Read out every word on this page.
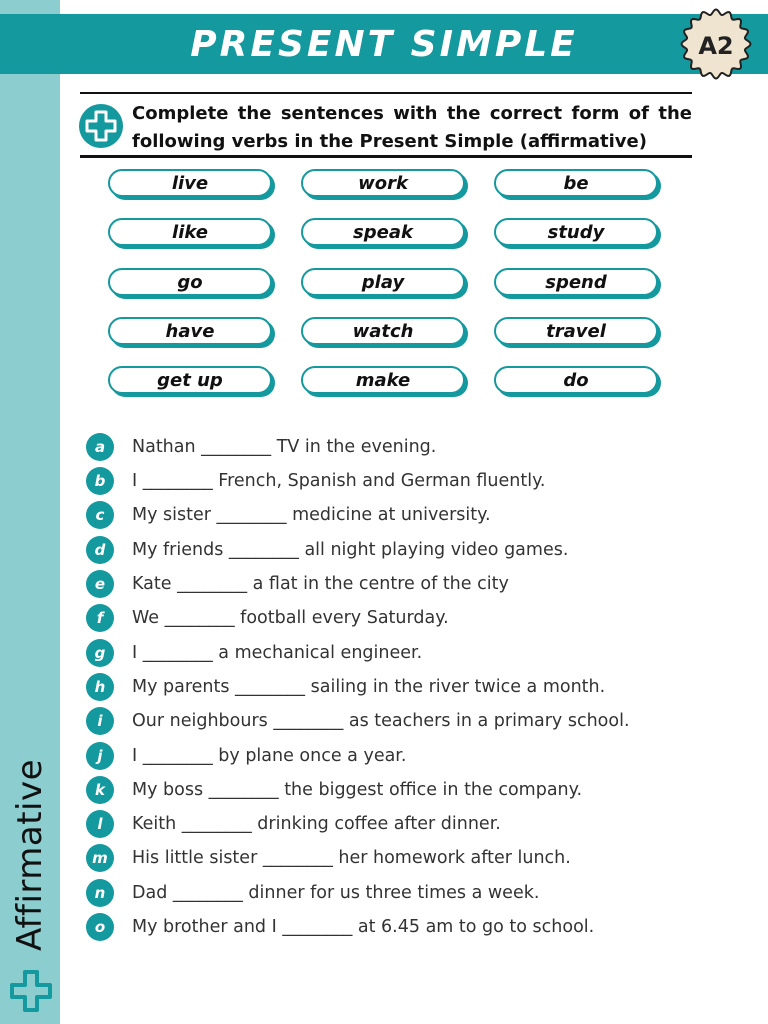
Affirmative
PRESENT SIMPLE	A2
Complete the sentences with the correct form of the following verbs in the Present Simple (affirmative)
live	work	be
like	speak	study
go	play	spend
have	watch	travel
get up	make	do
a	Nathan ________ TV in the evening.
b	I ________ French, Spanish and German fluently.
c	My sister ________ medicine at university.
d	My friends ________ all night playing video games.
e	Kate ________ a flat in the centre of the city
f	We ________ football every Saturday.
g	I ________ a mechanical engineer.
h	My parents ________ sailing in the river twice a month.
i	Our neighbours ________ as teachers in a primary school.
j	I ________ by plane once a year.
k	My boss ________ the biggest office in the company.
l	Keith ________ drinking coffee after dinner.
m	His little sister ________ her homework after lunch.
n	Dad ________ dinner for us three times a week.
o	My brother and I ________ at 6.45 am to go to school.
